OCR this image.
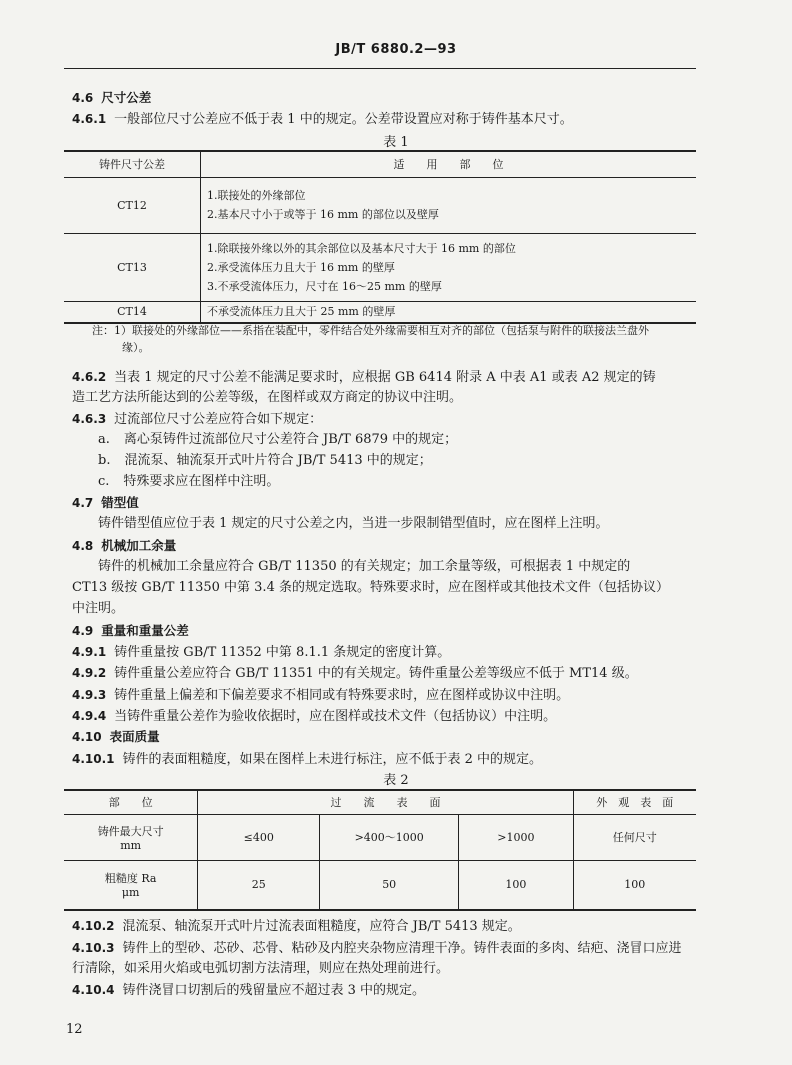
JB/T 6880.2—93
4.6 尺寸公差
4.6.1 一般部位尺寸公差应不低于表 1 中的规定。公差带设置应对称于铸件基本尺寸。
表 1
铸件尺寸公差	适　　用　　部　　位
CT12	1.联接处的外缘部位
2.基本尺寸小于或等于 16 mm 的部位以及壁厚

CT13	1.除联接外缘以外的其余部位以及基本尺寸大于 16 mm 的部位
2.承受流体压力且大于 16 mm 的壁厚
3.不承受流体压力，尺寸在 16～25 mm 的壁厚

CT14	不承受流体压力且大于 25 mm 的壁厚
注：1）联接处的外缘部位——系指在装配中，零件结合处外缘需要相互对齐的部位（包括泵与附件的联接法兰盘外
缘）。
4.6.2 当表 1 规定的尺寸公差不能满足要求时，应根据 GB 6414 附录 A 中表 A1 或表 A2 规定的铸
造工艺方法所能达到的公差等级，在图样或双方商定的协议中注明。
4.6.3 过流部位尺寸公差应符合如下规定：
a. 离心泵铸件过流部位尺寸公差符合 JB/T 6879 中的规定；
b. 混流泵、轴流泵开式叶片符合 JB/T 5413 中的规定；
c. 特殊要求应在图样中注明。
4.7 错型值
铸件错型值应位于表 1 规定的尺寸公差之内，当进一步限制错型值时，应在图样上注明。
4.8 机械加工余量
铸件的机械加工余量应符合 GB/T 11350 的有关规定；加工余量等级，可根据表 1 中规定的
CT13 级按 GB/T 11350 中第 3.4 条的规定选取。特殊要求时，应在图样或其他技术文件（包括协议）
中注明。
4.9 重量和重量公差
4.9.1 铸件重量按 GB/T 11352 中第 8.1.1 条规定的密度计算。
4.9.2 铸件重量公差应符合 GB/T 11351 中的有关规定。铸件重量公差等级应不低于 MT14 级。
4.9.3 铸件重量上偏差和下偏差要求不相同或有特殊要求时，应在图样或协议中注明。
4.9.4 当铸件重量公差作为验收依据时，应在图样或技术文件（包括协议）中注明。
4.10 表面质量
4.10.1 铸件的表面粗糙度，如果在图样上未进行标注，应不低于表 2 中的规定。
表 2
部　　位	过　　流　　表　　面			外　观　表　面

铸件最大尺寸
mm	≤400	>400～1000	>1000	任何尺寸

粗糙度 Ra
μm	25	50	100	100
4.10.2 混流泵、轴流泵开式叶片过流表面粗糙度，应符合 JB/T 5413 规定。
4.10.3 铸件上的型砂、芯砂、芯骨、粘砂及内腔夹杂物应清理干净。铸件表面的多肉、结疤、浇冒口应进
行清除，如采用火焰或电弧切割方法清理，则应在热处理前进行。
4.10.4 铸件浇冒口切割后的残留量应不超过表 3 中的规定。
12
